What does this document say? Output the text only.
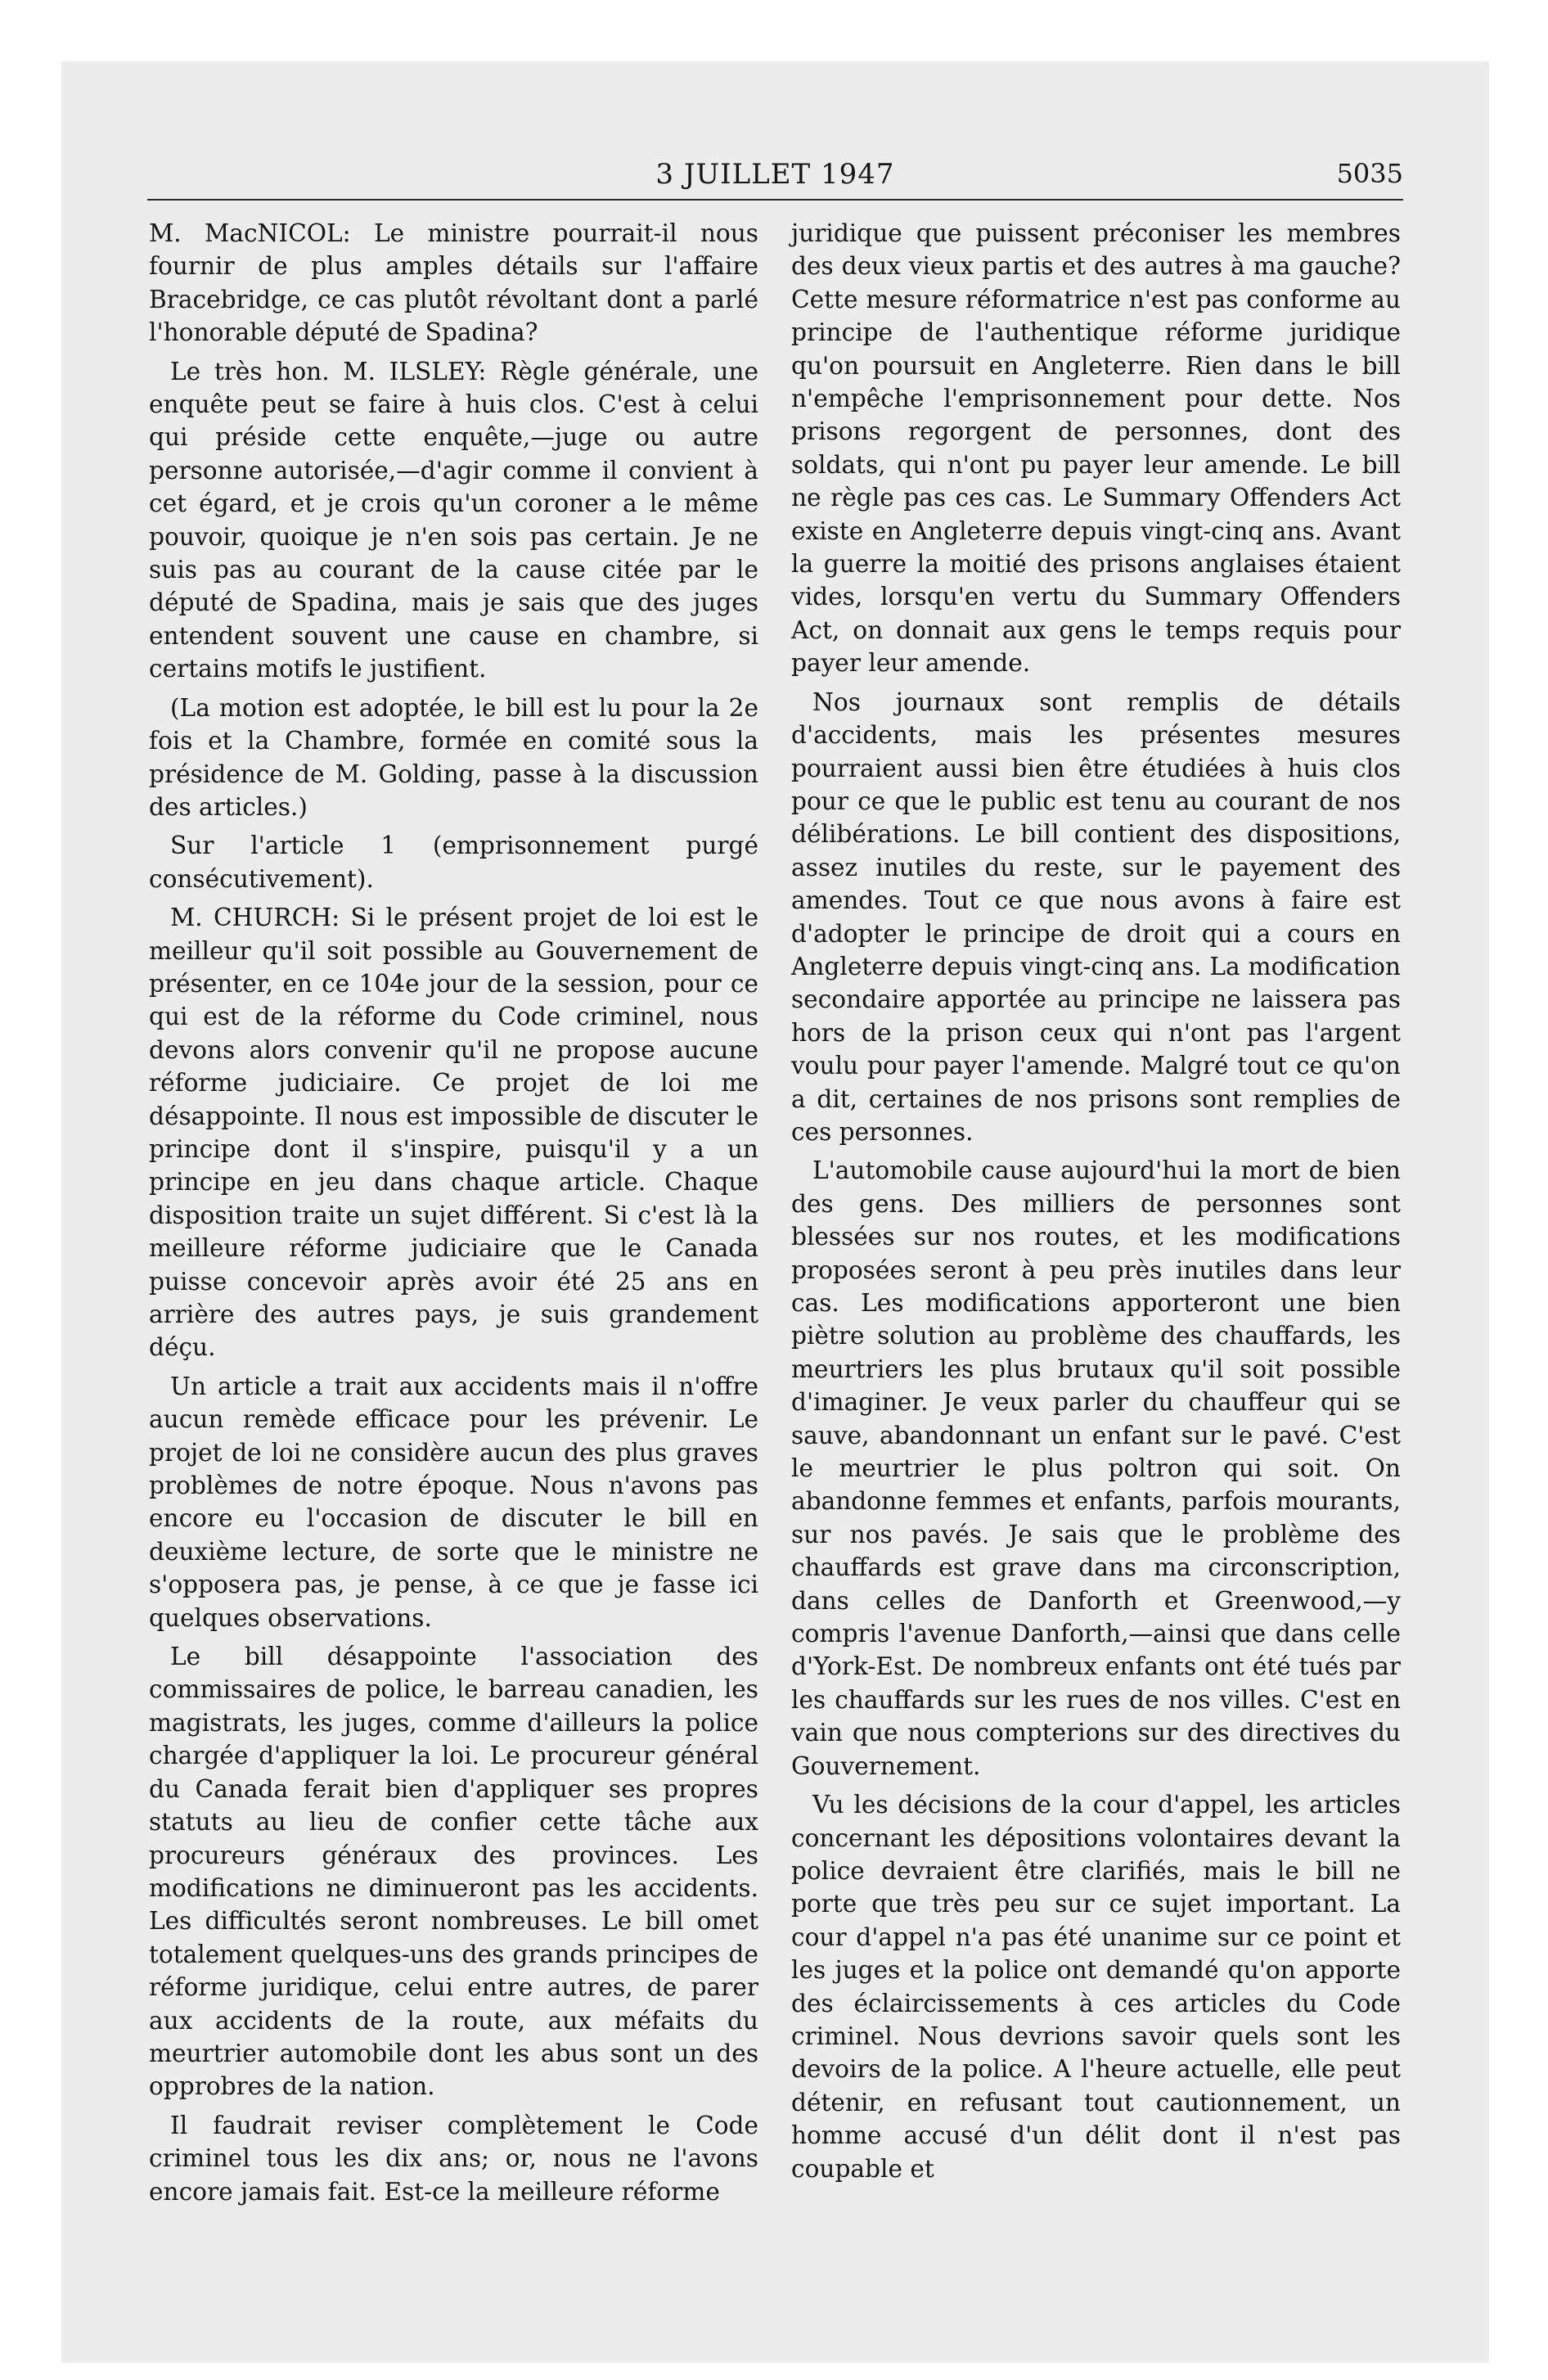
3 JUILLET 1947	5035

M. MacNICOL: Le ministre pourrait-il nous fournir de plus amples détails sur l'affaire Bracebridge, ce cas plutôt révoltant dont a parlé l'honorable député de Spadina?

Le très hon. M. ILSLEY: Règle générale, une enquête peut se faire à huis clos. C'est à celui qui préside cette enquête,—juge ou autre personne autorisée,—d'agir comme il convient à cet égard, et je crois qu'un coroner a le même pouvoir, quoique je n'en sois pas certain. Je ne suis pas au courant de la cause citée par le député de Spadina, mais je sais que des juges entendent souvent une cause en chambre, si certains motifs le justifient.

(La motion est adoptée, le bill est lu pour la 2e fois et la Chambre, formée en comité sous la présidence de M. Golding, passe à la discussion des articles.)

Sur l'article 1 (emprisonnement purgé consécutivement).

M. CHURCH: Si le présent projet de loi est le meilleur qu'il soit possible au Gouvernement de présenter, en ce 104e jour de la session, pour ce qui est de la réforme du Code criminel, nous devons alors convenir qu'il ne propose aucune réforme judiciaire. Ce projet de loi me désappointe. Il nous est impossible de discuter le principe dont il s'inspire, puisqu'il y a un principe en jeu dans chaque article. Chaque disposition traite un sujet différent. Si c'est là la meilleure réforme judiciaire que le Canada puisse concevoir après avoir été 25 ans en arrière des autres pays, je suis grandement déçu.

Un article a trait aux accidents mais il n'offre aucun remède efficace pour les prévenir. Le projet de loi ne considère aucun des plus graves problèmes de notre époque. Nous n'avons pas encore eu l'occasion de discuter le bill en deuxième lecture, de sorte que le ministre ne s'opposera pas, je pense, à ce que je fasse ici quelques observations.

Le bill désappointe l'association des commissaires de police, le barreau canadien, les magistrats, les juges, comme d'ailleurs la police chargée d'appliquer la loi. Le procureur général du Canada ferait bien d'appliquer ses propres statuts au lieu de confier cette tâche aux procureurs généraux des provinces. Les modifications ne diminueront pas les accidents. Les difficultés seront nombreuses. Le bill omet totalement quelques-uns des grands principes de réforme juridique, celui entre autres, de parer aux accidents de la route, aux méfaits du meurtrier automobile dont les abus sont un des opprobres de la nation.

Il faudrait reviser complètement le Code criminel tous les dix ans; or, nous ne l'avons encore jamais fait. Est-ce la meilleure réforme

juridique que puissent préconiser les membres des deux vieux partis et des autres à ma gauche? Cette mesure réformatrice n'est pas conforme au principe de l'authentique réforme juridique qu'on poursuit en Angleterre. Rien dans le bill n'empêche l'emprisonnement pour dette. Nos prisons regorgent de personnes, dont des soldats, qui n'ont pu payer leur amende. Le bill ne règle pas ces cas. Le Summary Offenders Act existe en Angleterre depuis vingt-cinq ans. Avant la guerre la moitié des prisons anglaises étaient vides, lorsqu'en vertu du Summary Offenders Act, on donnait aux gens le temps requis pour payer leur amende.

Nos journaux sont remplis de détails d'accidents, mais les présentes mesures pourraient aussi bien être étudiées à huis clos pour ce que le public est tenu au courant de nos délibérations. Le bill contient des dispositions, assez inutiles du reste, sur le payement des amendes. Tout ce que nous avons à faire est d'adopter le principe de droit qui a cours en Angleterre depuis vingt-cinq ans. La modification secondaire apportée au principe ne laissera pas hors de la prison ceux qui n'ont pas l'argent voulu pour payer l'amende. Malgré tout ce qu'on a dit, certaines de nos prisons sont remplies de ces personnes.

L'automobile cause aujourd'hui la mort de bien des gens. Des milliers de personnes sont blessées sur nos routes, et les modifications proposées seront à peu près inutiles dans leur cas. Les modifications apporteront une bien piètre solution au problème des chauffards, les meurtriers les plus brutaux qu'il soit possible d'imaginer. Je veux parler du chauffeur qui se sauve, abandonnant un enfant sur le pavé. C'est le meurtrier le plus poltron qui soit. On abandonne femmes et enfants, parfois mourants, sur nos pavés. Je sais que le problème des chauffards est grave dans ma circonscription, dans celles de Danforth et Greenwood,—y compris l'avenue Danforth,—ainsi que dans celle d'York-Est. De nombreux enfants ont été tués par les chauffards sur les rues de nos villes. C'est en vain que nous compterions sur des directives du Gouvernement.

Vu les décisions de la cour d'appel, les articles concernant les dépositions volontaires devant la police devraient être clarifiés, mais le bill ne porte que très peu sur ce sujet important. La cour d'appel n'a pas été unanime sur ce point et les juges et la police ont demandé qu'on apporte des éclaircissements à ces articles du Code criminel. Nous devrions savoir quels sont les devoirs de la police. A l'heure actuelle, elle peut détenir, en refusant tout cautionnement, un homme accusé d'un délit dont il n'est pas coupable et
